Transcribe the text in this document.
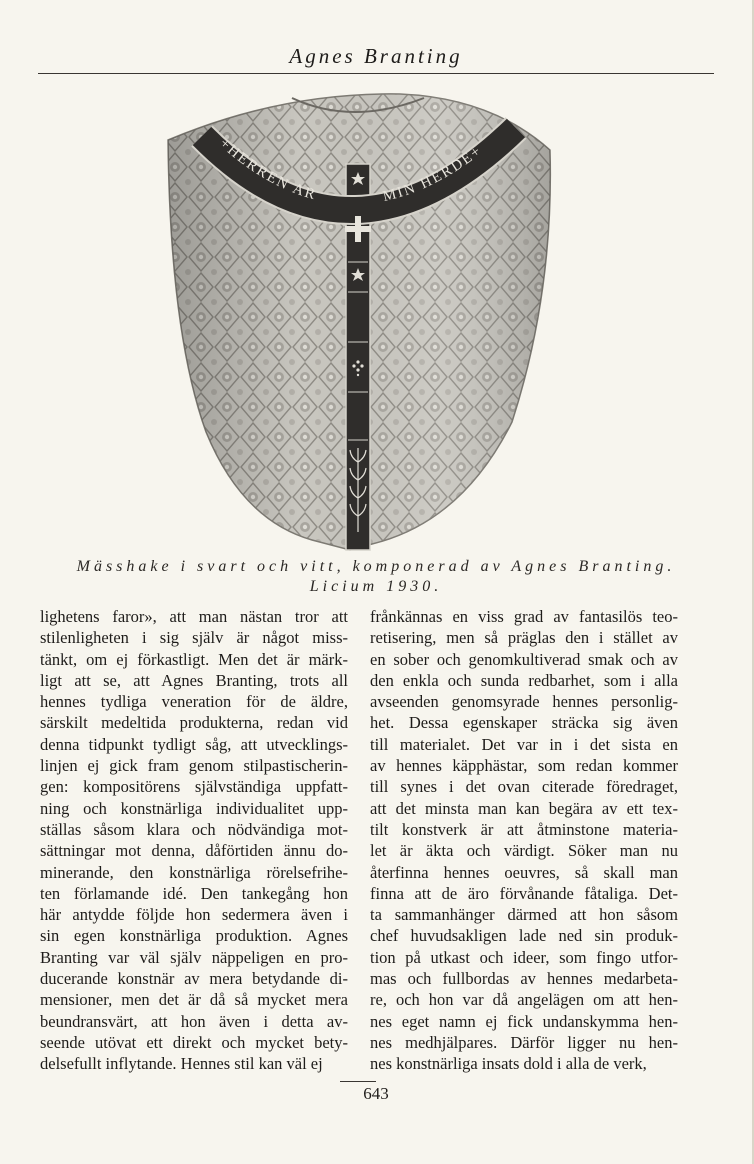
Agnes Branting
+HERREN AR	MIN HERDE+
Mässhake i svart och vitt, komponerad av Agnes Branting.
Licium 1930.
lighetens faror», att man nästan tror att
stilenligheten i sig själv är något miss-
tänkt, om ej förkastligt. Men det är märk-
ligt att se, att Agnes Branting, trots all
hennes tydliga veneration för de äldre,
särskilt medeltida produkterna, redan vid
denna tidpunkt tydligt såg, att utvecklings-
linjen ej gick fram genom stilpastischerin-
gen: kompositörens självständiga uppfatt-
ning och konstnärliga individualitet upp-
ställas såsom klara och nödvändiga mot-
sättningar mot denna, dåförtiden ännu do-
minerande, den konstnärliga rörelsefrihe-
ten förlamande idé. Den tankegång hon
här antydde följde hon sedermera även i
sin egen konstnärliga produktion. Agnes
Branting var väl själv näppeligen en pro-
ducerande konstnär av mera betydande di-
mensioner, men det är då så mycket mera
beundransvärt, att hon även i detta av-
seende utövat ett direkt och mycket bety-
delsefullt inflytande. Hennes stil kan väl ej
frånkännas en viss grad av fantasilös teo-
retisering, men så präglas den i stället av
en sober och genomkultiverad smak och av
den enkla och sunda redbarhet, som i alla
avseenden genomsyrade hennes personlig-
het. Dessa egenskaper sträcka sig även
till materialet. Det var in i det sista en
av hennes käpphästar, som redan kommer
till synes i det ovan citerade föredraget,
att det minsta man kan begära av ett tex-
tilt konstverk är att åtminstone materia-
let är äkta och värdigt. Söker man nu
återfinna hennes oeuvres, så skall man
finna att de äro förvånande fåtaliga. Det-
ta sammanhänger därmed att hon såsom
chef huvudsakligen lade ned sin produk-
tion på utkast och ideer, som fingo utfor-
mas och fullbordas av hennes medarbeta-
re, och hon var då angelägen om att hen-
nes eget namn ej fick undanskymma hen-
nes medhjälpares. Därför ligger nu hen-
nes konstnärliga insats dold i alla de verk,
643
